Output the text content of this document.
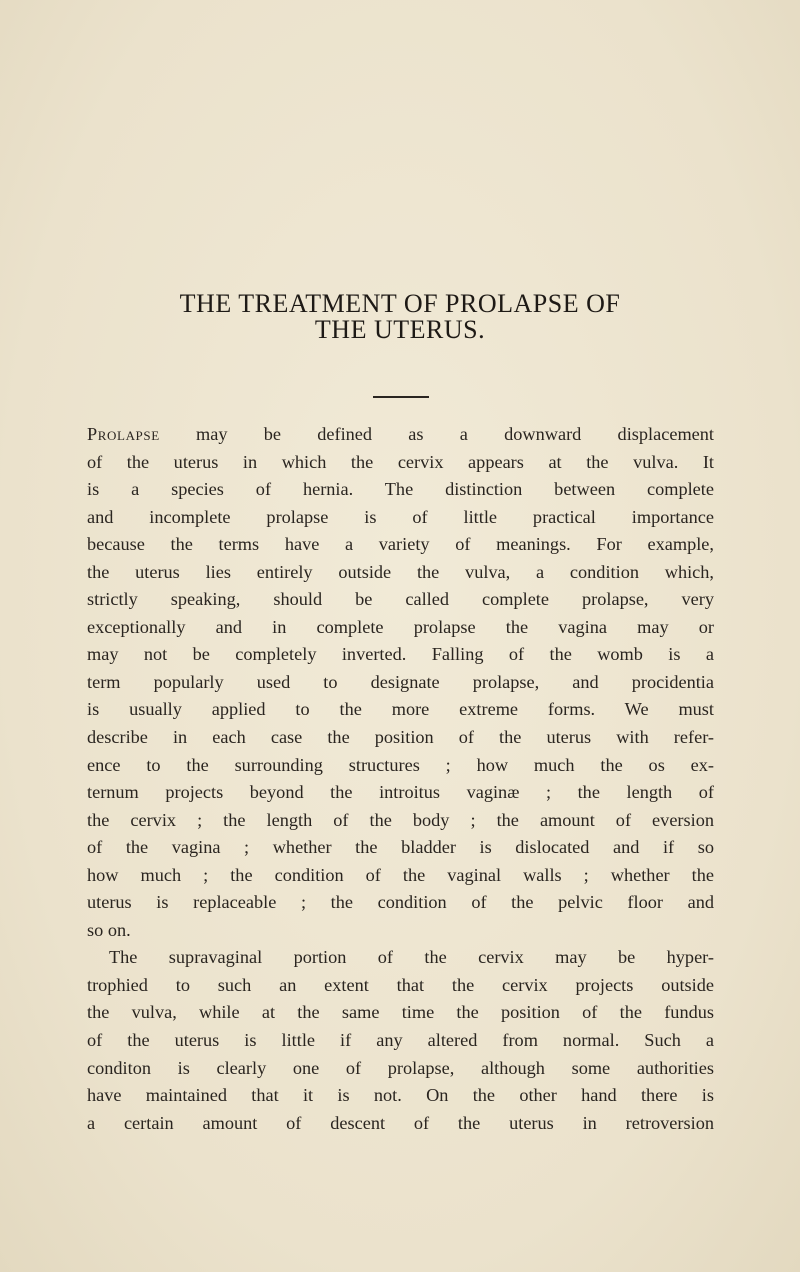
THE TREATMENT OF PROLAPSE OF
THE UTERUS.
Prolapse may be defined as a downward displacement
of the uterus in which the cervix appears at the vulva. It
is a species of hernia. The distinction between complete
and incomplete prolapse is of little practical importance
because the terms have a variety of meanings. For example,
the uterus lies entirely outside the vulva, a condition which,
strictly speaking, should be called complete prolapse, very
exceptionally and in complete prolapse the vagina may or
may not be completely inverted. Falling of the womb is a
term popularly used to designate prolapse, and procidentia
is usually applied to the more extreme forms. We must
describe in each case the position of the uterus with refer-
ence to the surrounding structures ; how much the os ex-
ternum projects beyond the introitus vaginæ ; the length of
the cervix ; the length of the body ; the amount of eversion
of the vagina ; whether the bladder is dislocated and if so
how much ; the condition of the vaginal walls ; whether the
uterus is replaceable ; the condition of the pelvic floor and
so on.
The supravaginal portion of the cervix may be hyper-
trophied to such an extent that the cervix projects outside
the vulva, while at the same time the position of the fundus
of the uterus is little if any altered from normal. Such a
conditon is clearly one of prolapse, although some authorities
have maintained that it is not. On the other hand there is
a certain amount of descent of the uterus in retroversion
